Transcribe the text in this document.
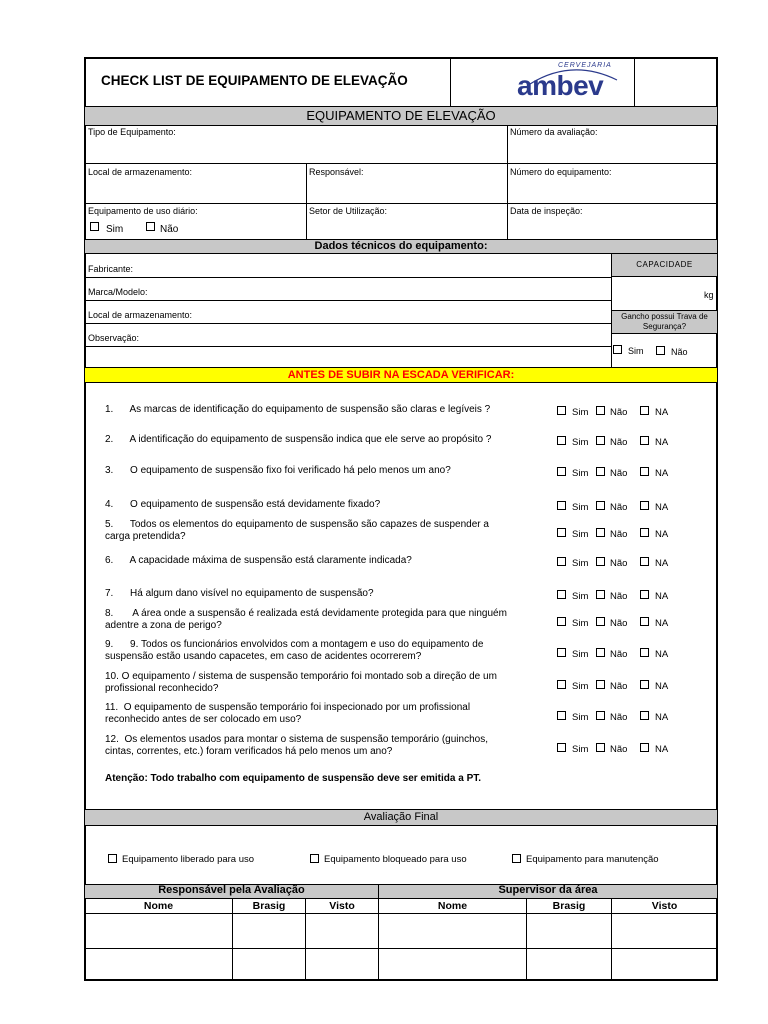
CHECK LIST DE EQUIPAMENTO DE ELEVAÇÃO
CERVEJARIA
ambev
EQUIPAMENTO DE ELEVAÇÃO
Tipo de Equipamento:	Número da avaliação:
Local de armazenamento:	Responsável:	Número do equipamento:
Equipamento de uso diário:
Sim	Não
Setor de Utilização:	Data de inspeção:
Dados técnicos do equipamento:
Fabricante:
Marca/Modelo:
Local de armazenamento:
Observação:
CAPACIDADE
kg
Gancho possui Trava de Segurança?
Sim	Não
ANTES DE SUBIR NA ESCADA VERIFICAR:
1.      As marcas de identificação do equipamento de suspensão são claras e legíveis ?	Sim Não	NA
2.      A identificação do equipamento de suspensão indica que ele serve ao propósito ?	Sim Não	NA
3.      O equipamento de suspensão fixo foi verificado há pelo menos um ano?	Sim Não	NA
4.      O equipamento de suspensão está devidamente fixado?	Sim Não	NA
5.      Todos os elementos do equipamento de suspensão são capazes de suspender a
carga pretendida?	Sim Não	NA
6.      A capacidade máxima de suspensão está claramente indicada?	Sim Não	NA
7.      Há algum dano visível no equipamento de suspensão?	Sim Não	NA
8.       A área onde a suspensão é realizada está devidamente protegida para que ninguém
adentre a zona de perigo?	Sim Não	NA
9.      9. Todos os funcionários envolvidos com a montagem e uso do equipamento de
suspensão estão usando capacetes, em caso de acidentes ocorrerem?	Sim Não	NA
10. O equipamento / sistema de suspensão temporário foi montado sob a direção de um
profissional reconhecido?	Sim Não	NA
11.  O equipamento de suspensão temporário foi inspecionado por um profissional
reconhecido antes de ser colocado em uso?	Sim Não	NA
12.  Os elementos usados para montar o sistema de suspensão temporário (guinchos,
cintas, correntes, etc.) foram verificados há pelo menos um ano?	Sim Não	NA
Atenção: Todo trabalho com equipamento de suspensão deve ser emitida a PT.
Avaliação Final
Equipamento liberado para uso	Equipamento bloqueado para uso	Equipamento para manutenção
Responsável pela Avaliação	Supervisor da área
Nome	Brasig	Visto	Nome	Brasig	Visto
